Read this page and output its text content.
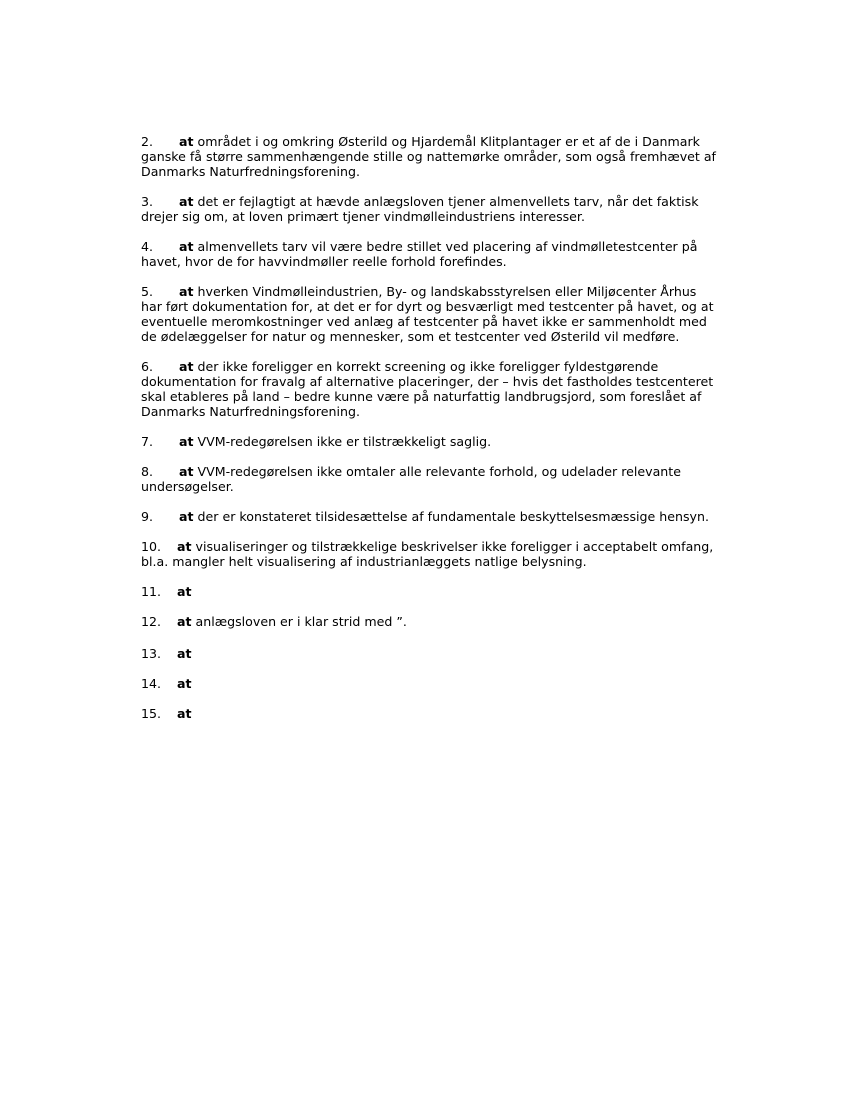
2. at området i og omkring Østerild og Hjardemål Klitplantager er et af de i Danmark ganske få større sammenhængende stille og nattemørke områder, som også fremhævet af Danmarks Naturfredningsforening.

3. at det er fejlagtigt at hævde anlægsloven tjener almenvellets tarv, når det faktisk drejer sig om, at loven primært tjener vindmølleindustriens interesser.

4. at almenvellets tarv vil være bedre stillet ved placering af vindmølletestcenter på havet, hvor de for havvindmøller reelle forhold forefindes.

5. at hverken Vindmølleindustrien, By- og landskabsstyrelsen eller Miljøcenter Århus har ført dokumentation for, at det er for dyrt og besværligt med testcenter på havet, og at eventuelle meromkostninger ved anlæg af testcenter på havet ikke er sammenholdt med de ødelæggelser for natur og mennesker, som et testcenter ved Østerild vil medføre.

6. at der ikke foreligger en korrekt screening og ikke foreligger fyldestgørende dokumentation for fravalg af alternative placeringer, der – hvis det fastholdes testcenteret skal etableres på land – bedre kunne være på naturfattig landbrugsjord, som foreslået af Danmarks Naturfredningsforening.

7. at VVM-redegørelsen ikke er tilstrækkeligt saglig.

8. at VVM-redegørelsen ikke omtaler alle relevante forhold, og udelader relevante undersøgelser.

9. at der er konstateret tilsidesættelse af fundamentale beskyttelsesmæssige hensyn.

10. at visualiseringer og tilstrækkelige beskrivelser ikke foreligger i acceptabelt omfang, bl.a. mangler helt visualisering af industrianlæggets natlige belysning.

11. at

12. at anlægsloven er i klar strid med ”.

13. at

14. at

15. at
